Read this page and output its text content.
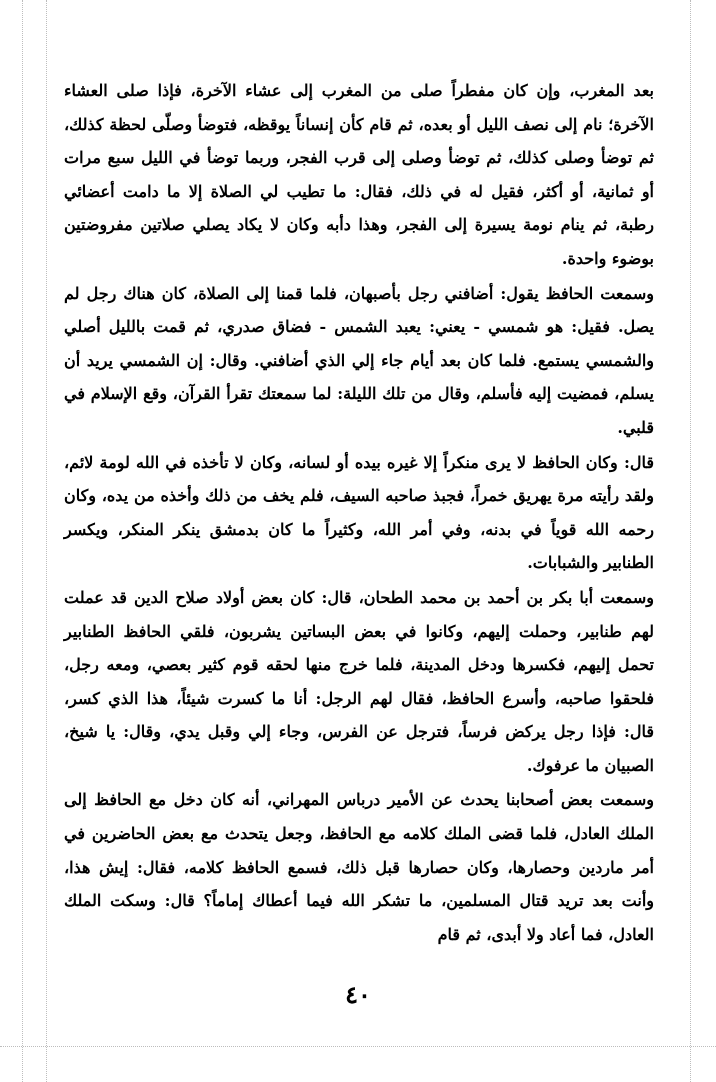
بعد المغرب، وإن كان مفطراً صلى من المغرب إلى عشاء الآخرة، فإذا صلى العشاء الآخرة؛ نام إلى نصف الليل أو بعده، ثم قام كأن إنساناً يوقظه، فتوضأ وصلّى لحظة كذلك، ثم توضأ وصلى كذلك، ثم توضأ وصلى إلى قرب الفجر، وربما توضأ في الليل سبع مرات أو ثمانية، أو أكثر، فقيل له في ذلك، فقال: ما تطيب لي الصلاة إلا ما دامت أعضائي رطبة، ثم ينام نومة يسيرة إلى الفجر، وهذا دأبه وكان لا يكاد يصلي صلاتين مفروضتين بوضوء واحدة.

وسمعت الحافظ يقول: أضافني رجل بأصبهان، فلما قمنا إلى الصلاة، كان هناك رجل لم يصل. فقيل: هو شمسي - يعني: يعبد الشمس - فضاق صدري، ثم قمت بالليل أصلي والشمسي يستمع. فلما كان بعد أيام جاء إلي الذي أضافني. وقال: إن الشمسي يريد أن يسلم، فمضيت إليه فأسلم، وقال من تلك الليلة: لما سمعتك تقرأ القرآن، وقع الإسلام في قلبي.

قال: وكان الحافظ لا يرى منكراً إلا غيره بيده أو لسانه، وكان لا تأخذه في الله لومة لائم، ولقد رأيته مرة يهريق خمراً، فجبذ صاحبه السيف، فلم يخف من ذلك وأخذه من يده، وكان رحمه الله قوياً في بدنه، وفي أمر الله، وكثيراً ما كان بدمشق ينكر المنكر، ويكسر الطنابير والشبابات.

وسمعت أبا بكر بن أحمد بن محمد الطحان، قال: كان بعض أولاد صلاح الدين قد عملت لهم طنابير، وحملت إليهم، وكانوا في بعض البساتين يشربون، فلقي الحافظ الطنابير تحمل إليهم، فكسرها ودخل المدينة، فلما خرج منها لحقه قوم كثير بعصي، ومعه رجل، فلحقوا صاحبه، وأسرع الحافظ، فقال لهم الرجل: أنا ما كسرت شيئاً، هذا الذي كسر، قال: فإذا رجل يركض فرساً، فترجل عن الفرس، وجاء إلي وقبل يدي، وقال: يا شيخ، الصبيان ما عرفوك.

وسمعت بعض أصحابنا يحدث عن الأمير درباس المهراني، أنه كان دخل مع الحافظ إلى الملك العادل، فلما قضى الملك كلامه مع الحافظ، وجعل يتحدث مع بعض الحاضرين في أمر ماردين وحصارها، وكان حصارها قبل ذلك، فسمع الحافظ كلامه، فقال: إيش هذا، وأنت بعد تريد قتال المسلمين، ما تشكر الله فيما أعطاك إماماً؟ قال: وسكت الملك العادل، فما أعاد ولا أبدى، ثم قام

٤٠
